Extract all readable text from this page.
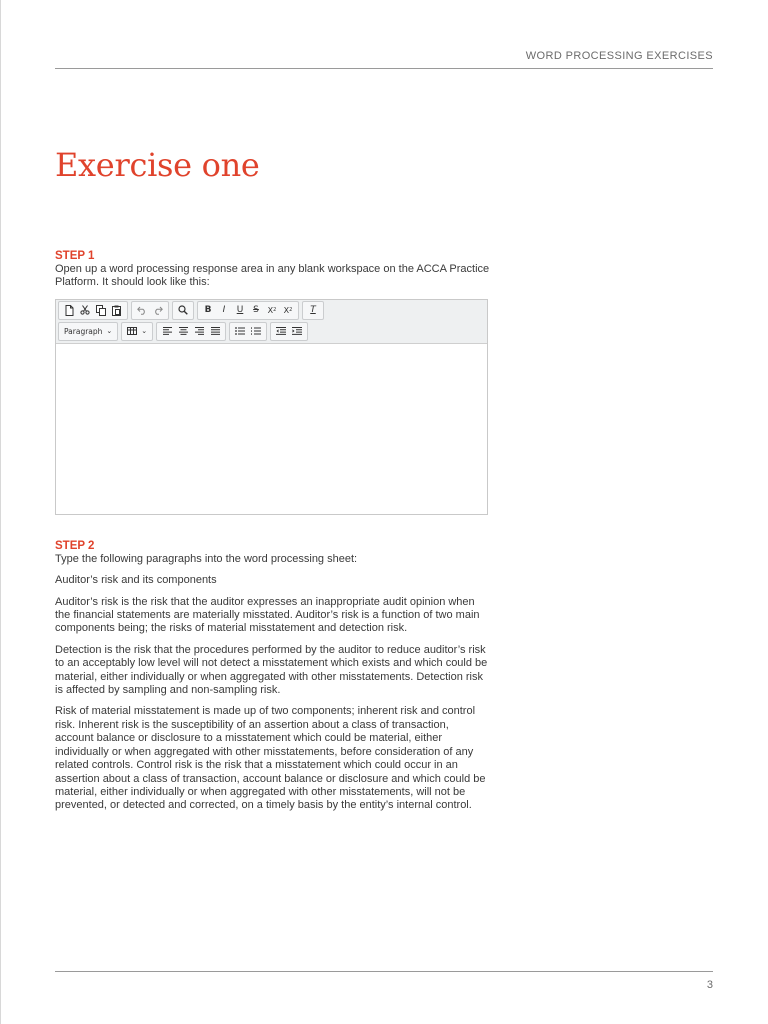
WORD PROCESSING EXERCISES
Exercise one
STEP 1

Open up a word processing response area in any blank workspace on the ACCA Practice Platform. It should look like this:

B	I	U	S	X 2 X 2	T
Paragraph ⌄	⌄
STEP 2

Type the following paragraphs into the word processing sheet:

Auditor’s risk and its components

Auditor’s risk is the risk that the auditor expresses an inappropriate audit opinion when the financial statements are materially misstated. Auditor’s risk is a function of two main components being; the risks of material misstatement and detection risk.

Detection is the risk that the procedures performed by the auditor to reduce auditor’s risk to an acceptably low level will not detect a misstatement which exists and which could be material, either individually or when aggregated with other misstatements. Detection risk is affected by sampling and non-sampling risk.

Risk of material misstatement is made up of two components; inherent risk and control risk. Inherent risk is the susceptibility of an assertion about a class of transaction, account balance or disclosure to a misstatement which could be material, either individually or when aggregated with other misstatements, before consideration of any related controls. Control risk is the risk that a misstatement which could occur in an assertion about a class of transaction, account balance or disclosure and which could be material, either individually or when aggregated with other misstatements, will not be prevented, or detected and corrected, on a timely basis by the entity’s internal control.

3
